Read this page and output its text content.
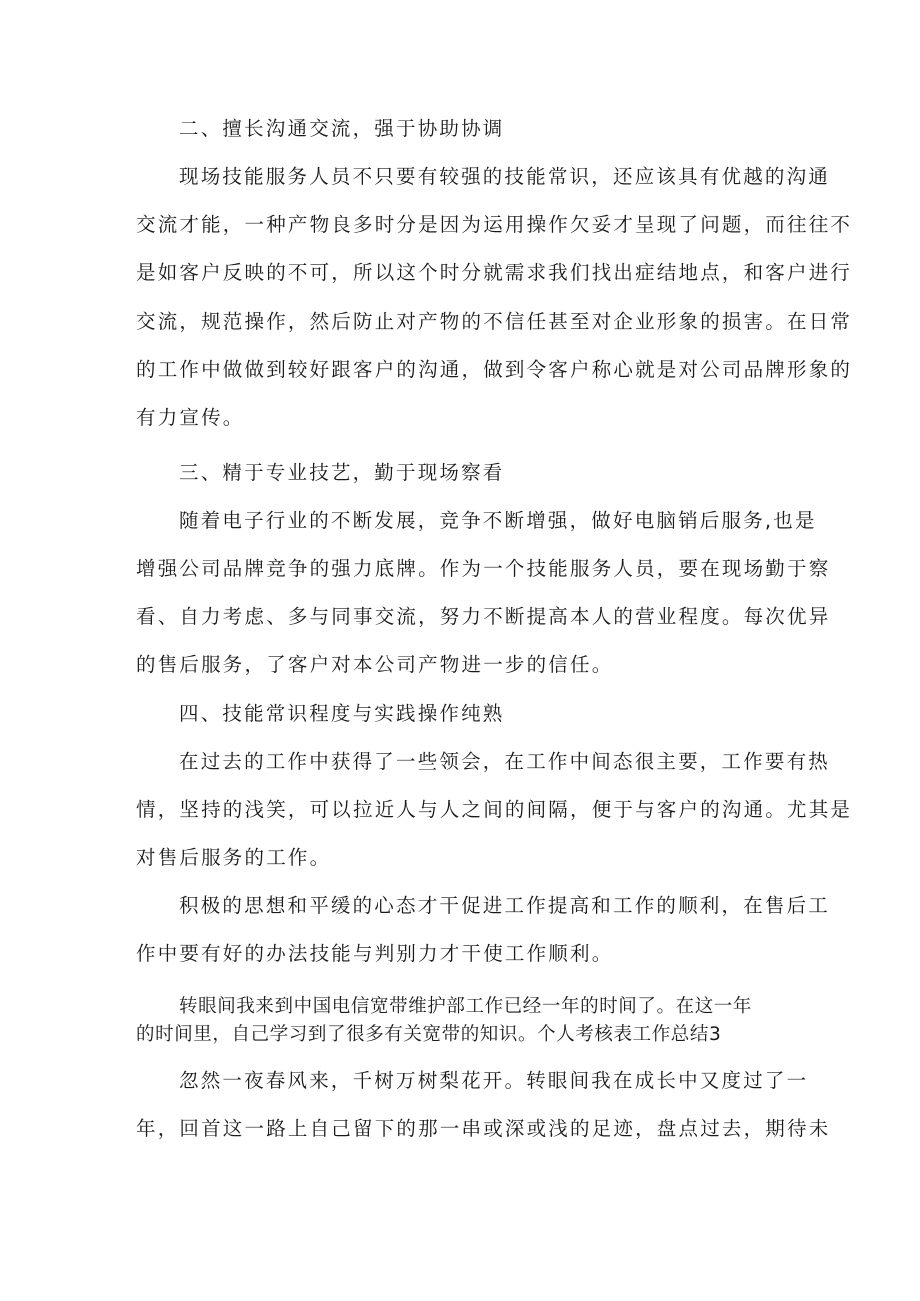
二、擅长沟通交流，强于协助协调
现场技能服务人员不只要有较强的技能常识，还应该具有优越的沟通
交流才能，一种产物良多时分是因为运用操作欠妥才呈现了问题，而往往不
是如客户反映的不可，所以这个时分就需求我们找出症结地点，和客户进行
交流，规范操作，然后防止对产物的不信任甚至对企业形象的损害。在日常
的工作中做做到较好跟客户的沟通，做到令客户称心就是对公司品牌形象的
有力宣传。
三、精于专业技艺，勤于现场察看
随着电子行业的不断发展，竞争不断增强，做好电脑销后服务,也是
增强公司品牌竞争的强力底牌。作为一个技能服务人员，要在现场勤于察
看、自力考虑、多与同事交流，努力不断提高本人的营业程度。每次优异
的售后服务，了客户对本公司产物进一步的信任。
四、技能常识程度与实践操作纯熟
在过去的工作中获得了一些领会，在工作中间态很主要，工作要有热
情，坚持的浅笑，可以拉近人与人之间的间隔，便于与客户的沟通。尤其是
对售后服务的工作。
积极的思想和平缓的心态才干促进工作提高和工作的顺利，在售后工
作中要有好的办法技能与判别力才干使工作顺利。
转眼间我来到中国电信宽带维护部工作已经一年的时间了。在这一年
的时间里，自己学习到了很多有关宽带的知识。个人考核表工作总结3
忽然一夜春风来，千树万树梨花开。转眼间我在成长中又度过了一
年，回首这一路上自己留下的那一串或深或浅的足迹，盘点过去，期待未
